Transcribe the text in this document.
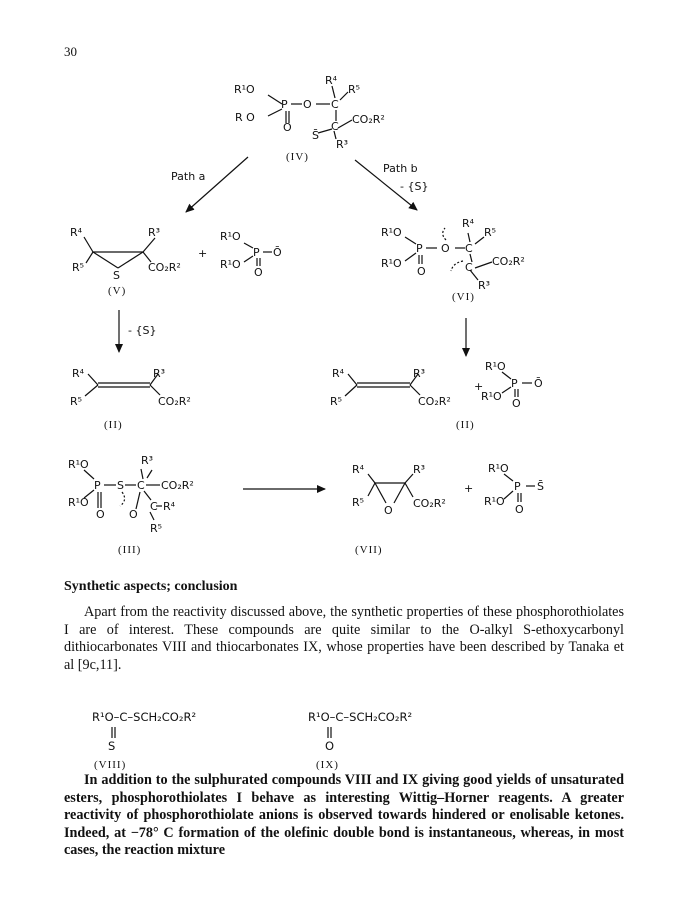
30
R¹O
R O
P O C
O
R⁴
R⁵
C
CO₂R²
S̄
R³
(IV)
Path a
Path b
- {S}
R⁴	R³
R⁵
S
CO₂R²
(V)
+
R¹O
R¹O
P Ō
O
R¹O
R¹O
P O C
O
R⁴
R⁵
C CO₂R²
R³
(VI)
- {S}
R⁴	R³
R⁵	CO₂R²
(II)
R⁴	R³
R⁵	CO₂R²
(II)
+
R¹O
R¹O
P Ō
O
R¹O
R¹O
P S C
O
R³
CO₂R²
O
C R⁴
R⁵
(III)
R⁴	R³
R⁵
O
CO₂R²
(VII)
+
R¹O
R¹O
P S̄
O
Synthetic aspects; conclusion

Apart from the reactivity discussed above, the synthetic properties of these phosphorothiolates I are of interest. These compounds are quite similar to the O-alkyl S-ethoxycarbonyl dithiocarbonates VIII and thiocarbonates IX, whose properties have been described by Tanaka et al [9c,11].

R¹O–C–SCH₂CO₂R²
S
(VIII)
R¹O–C–SCH₂CO₂R²
O
(IX)

In addition to the sulphurated compounds VIII and IX giving good yields of unsaturated esters, phosphorothiolates I behave as interesting Wittig–Horner reagents. A greater reactivity of phosphorothiolate anions is observed towards hindered or enolisable ketones. Indeed, at −78° C formation of the olefinic double bond is instantaneous, whereas, in most cases, the reaction mixture
